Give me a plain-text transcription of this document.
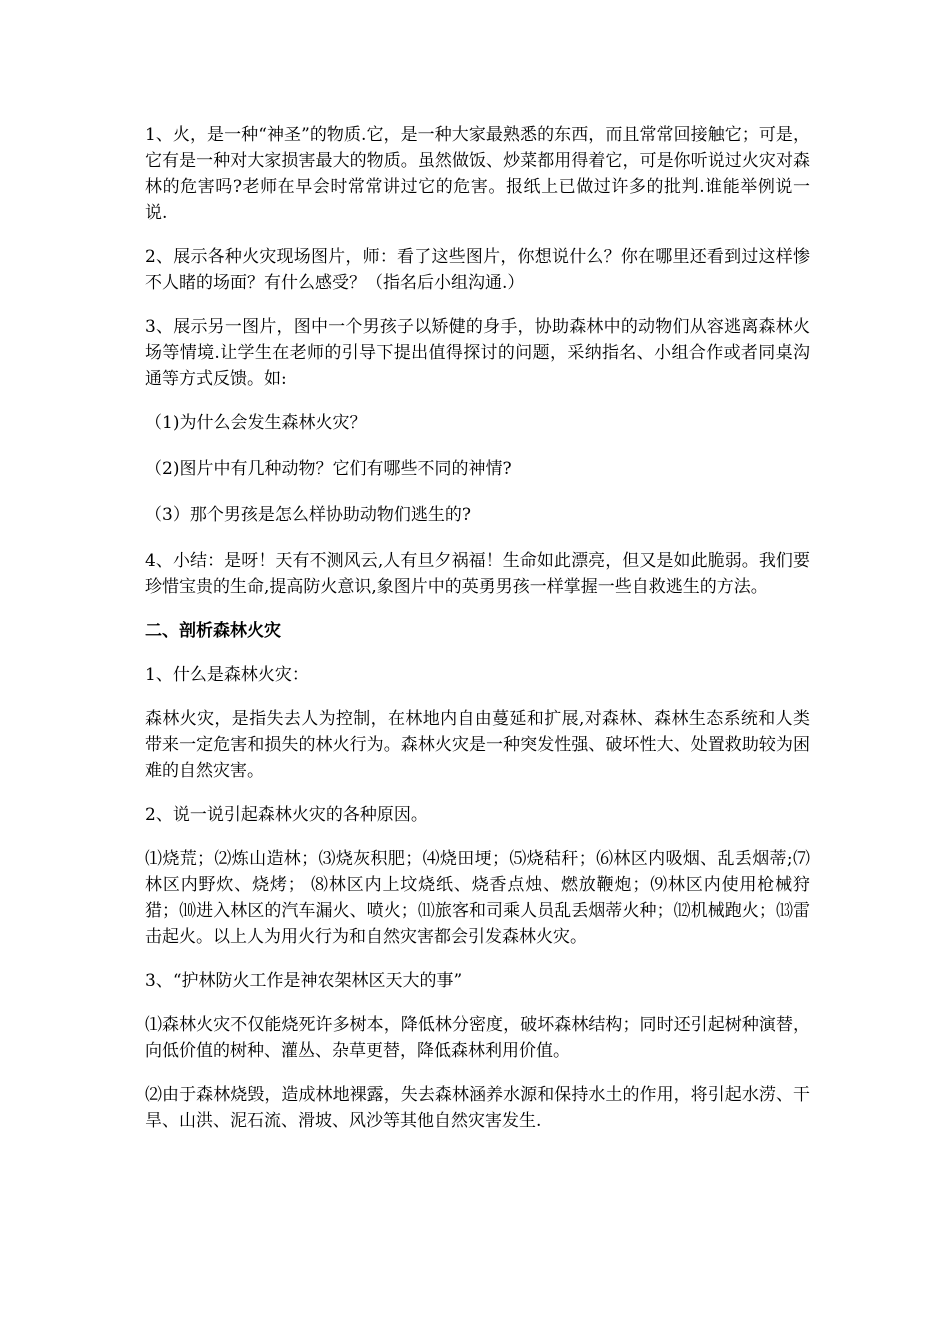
1、火，是一种“神圣”的物质.它，是一种大家最熟悉的东西，而且常常回接触它；可是，它有是一种对大家损害最大的物质。虽然做饭、炒菜都用得着它，可是你听说过火灾对森林的危害吗?老师在早会时常常讲过它的危害。报纸上已做过许多的批判.谁能举例说一说.

2、展示各种火灾现场图片，师：看了这些图片，你想说什么？你在哪里还看到过这样惨不人睹的场面？有什么感受？（指名后小组沟通.）

3、展示另一图片，图中一个男孩子以矫健的身手，协助森林中的动物们从容逃离森林火场等情境.让学生在老师的引导下提出值得探讨的问题，采纳指名、小组合作或者同桌沟通等方式反馈。如:

（1)为什么会发生森林火灾？

（2)图片中有几种动物？它们有哪些不同的神情?

（3）那个男孩是怎么样协助动物们逃生的?

4、小结：是呀！天有不测风云,人有旦夕祸福！生命如此漂亮，但又是如此脆弱。我们要珍惜宝贵的生命,提高防火意识,象图片中的英勇男孩一样掌握一些自救逃生的方法。

二、剖析森林火灾

1、什么是森林火灾：

森林火灾，是指失去人为控制，在林地内自由蔓延和扩展,对森林、森林生态系统和人类带来一定危害和损失的林火行为。森林火灾是一种突发性强、破坏性大、处置救助较为困难的自然灾害。

2、说一说引起森林火灾的各种原因。

⑴烧荒；⑵炼山造林；⑶烧灰积肥；⑷烧田埂；⑸烧秸秆；⑹林区内吸烟、乱丢烟蒂;⑺林区内野炊、烧烤； ⑻林区内上坟烧纸、烧香点烛、燃放鞭炮；⑼林区内使用枪械狩猎；⑽进入林区的汽车漏火、喷火；⑾旅客和司乘人员乱丢烟蒂火种；⑿机械跑火；⒀雷击起火。以上人为用火行为和自然灾害都会引发森林火灾。

3、“护林防火工作是神农架林区天大的事”

⑴森林火灾不仅能烧死许多树本，降低林分密度，破坏森林结构；同时还引起树种演替，向低价值的树种、灌丛、杂草更替，降低森林利用价值。

⑵由于森林烧毁，造成林地裸露，失去森林涵养水源和保持水土的作用，将引起水涝、干旱、山洪、泥石流、滑坡、风沙等其他自然灾害发生.
